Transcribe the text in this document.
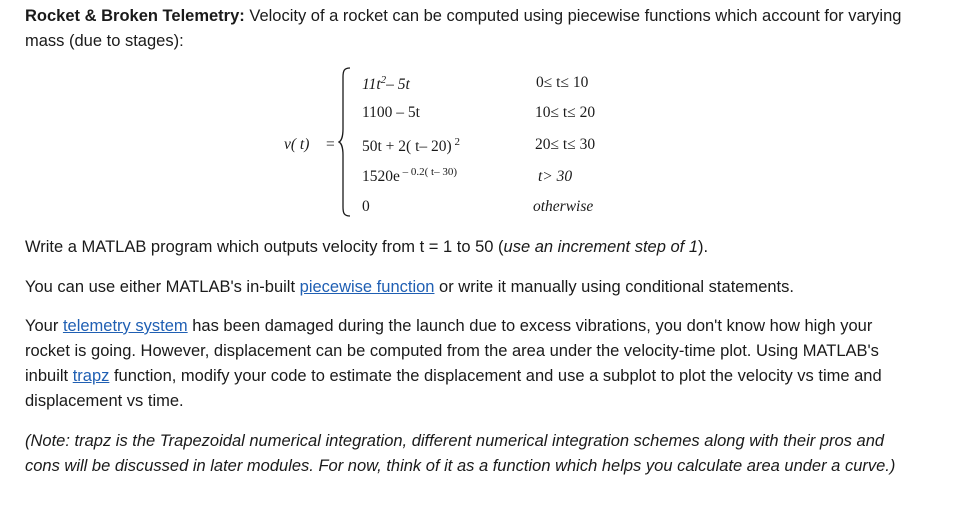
Rocket & Broken Telemetry: Velocity of a rocket can be computed using piecewise functions which account for varying mass (due to stages):
v( t) =
$11t^2-$ 5t	0≤ t≤ 10
1100 – 5t	10≤ t≤ 20
50t + 2( t– 20) $^2$	20≤ t≤ 30
1520e $^{- 0.2( t- 30)}$	t> 30
0	otherwise
Write a MATLAB program which outputs velocity from t = 1 to 50 (use an increment step of 1).
You can use either MATLAB's in-built piecewise function or write it manually using conditional statements.
Your telemetry system has been damaged during the launch due to excess vibrations, you don't know how high your rocket is going. However, displacement can be computed from the area under the velocity-time plot. Using MATLAB's inbuilt trapz function, modify your code to estimate the displacement and use a subplot to plot the velocity vs time and displacement vs time.
(Note: trapz is the Trapezoidal numerical integration, different numerical integration schemes along with their pros and cons will be discussed in later modules. For now, think of it as a function which helps you calculate area under a curve.)
